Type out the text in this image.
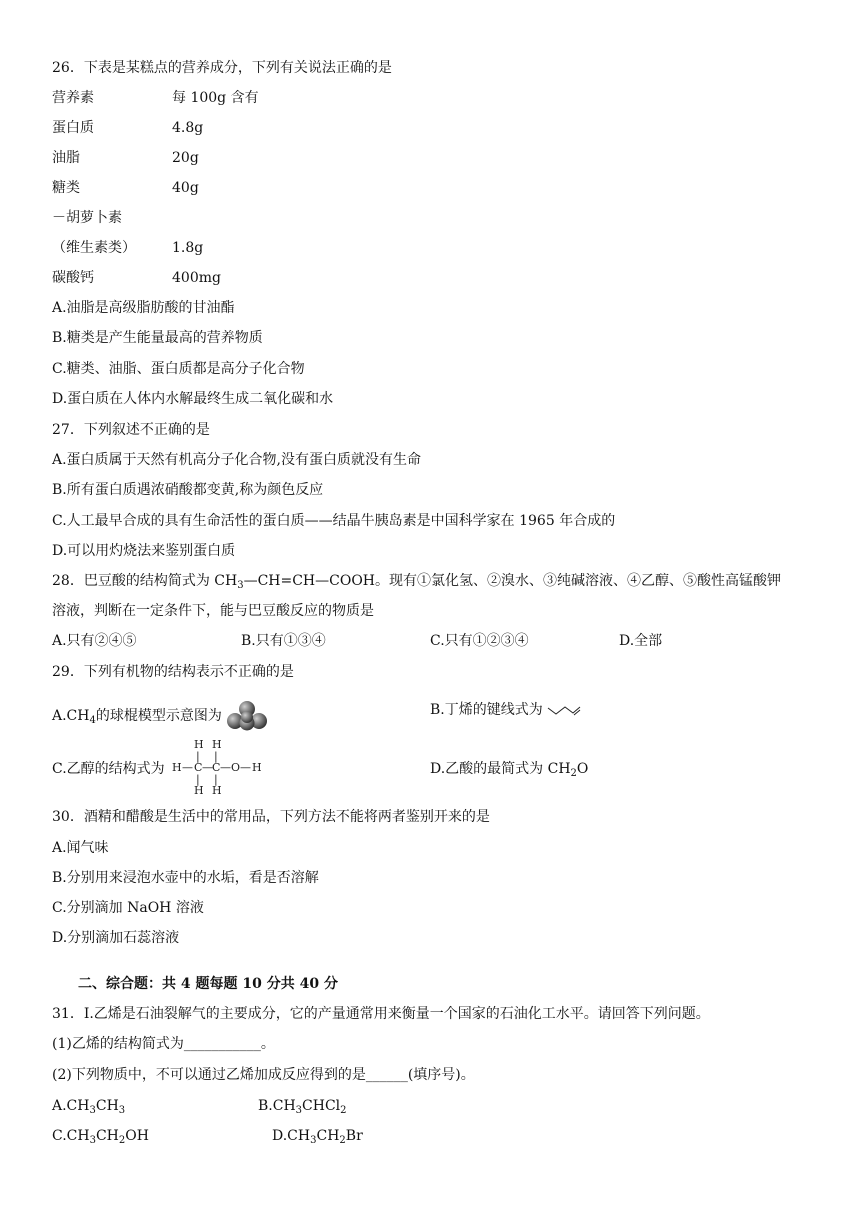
26．下表是某糕点的营养成分，下列有关说法正确的是
营养素	每 100g 含有
蛋白质	4.8g
油脂	20g
糖类	40g
－胡萝卜素
（维生素类）	1.8g
碳酸钙	400mg
A.油脂是高级脂肪酸的甘油酯
B.糖类是产生能量最高的营养物质
C.糖类、油脂、蛋白质都是高分子化合物
D.蛋白质在人体内水解最终生成二氧化碳和水
27．下列叙述不正确的是
A.蛋白质属于天然有机高分子化合物,没有蛋白质就没有生命
B.所有蛋白质遇浓硝酸都变黄,称为颜色反应
C.人工最早合成的具有生命活性的蛋白质——结晶牛胰岛素是中国科学家在 1965 年合成的
D.可以用灼烧法来鉴别蛋白质
28．巴豆酸的结构简式为 $CH_3—CH=CH—COOH$。现有①氯化氢、②溴水、③纯碱溶液、④乙醇、⑤酸性高锰酸钾
溶液，判断在一定条件下，能与巴豆酸反应的物质是
A.只有②④⑤	B.只有①③④	C.只有①②③④	D.全部
29．下列有机物的结构表示不正确的是
$A.CH_4$的球棍模型示意图为	B.丁烯的键线式为
C.乙醇的结构式为
H H
| |
H — C — C — O — H
| |
H H
D.乙酸的最简式为 $CH_2O$
30．酒精和醋酸是生活中的常用品，下列方法不能将两者鉴别开来的是
A.闻气味
B.分别用来浸泡水壶中的水垢，看是否溶解
C.分别滴加 NaOH 溶液
D.分别滴加石蕊溶液
二、综合题：共 4 题每题 10 分共 40 分
31．I.乙烯是石油裂解气的主要成分，它的产量通常用来衡量一个国家的石油化工水平。请回答下列问题。
(1)乙烯的结构简式为___________。
(2)下列物质中，不可以通过乙烯加成反应得到的是______(填序号)。
$A.CH_3CH_3$	$B.CH_3CHCl_2$
$C.CH_3CH_2OH$	$D.CH_3CH_2Br$
